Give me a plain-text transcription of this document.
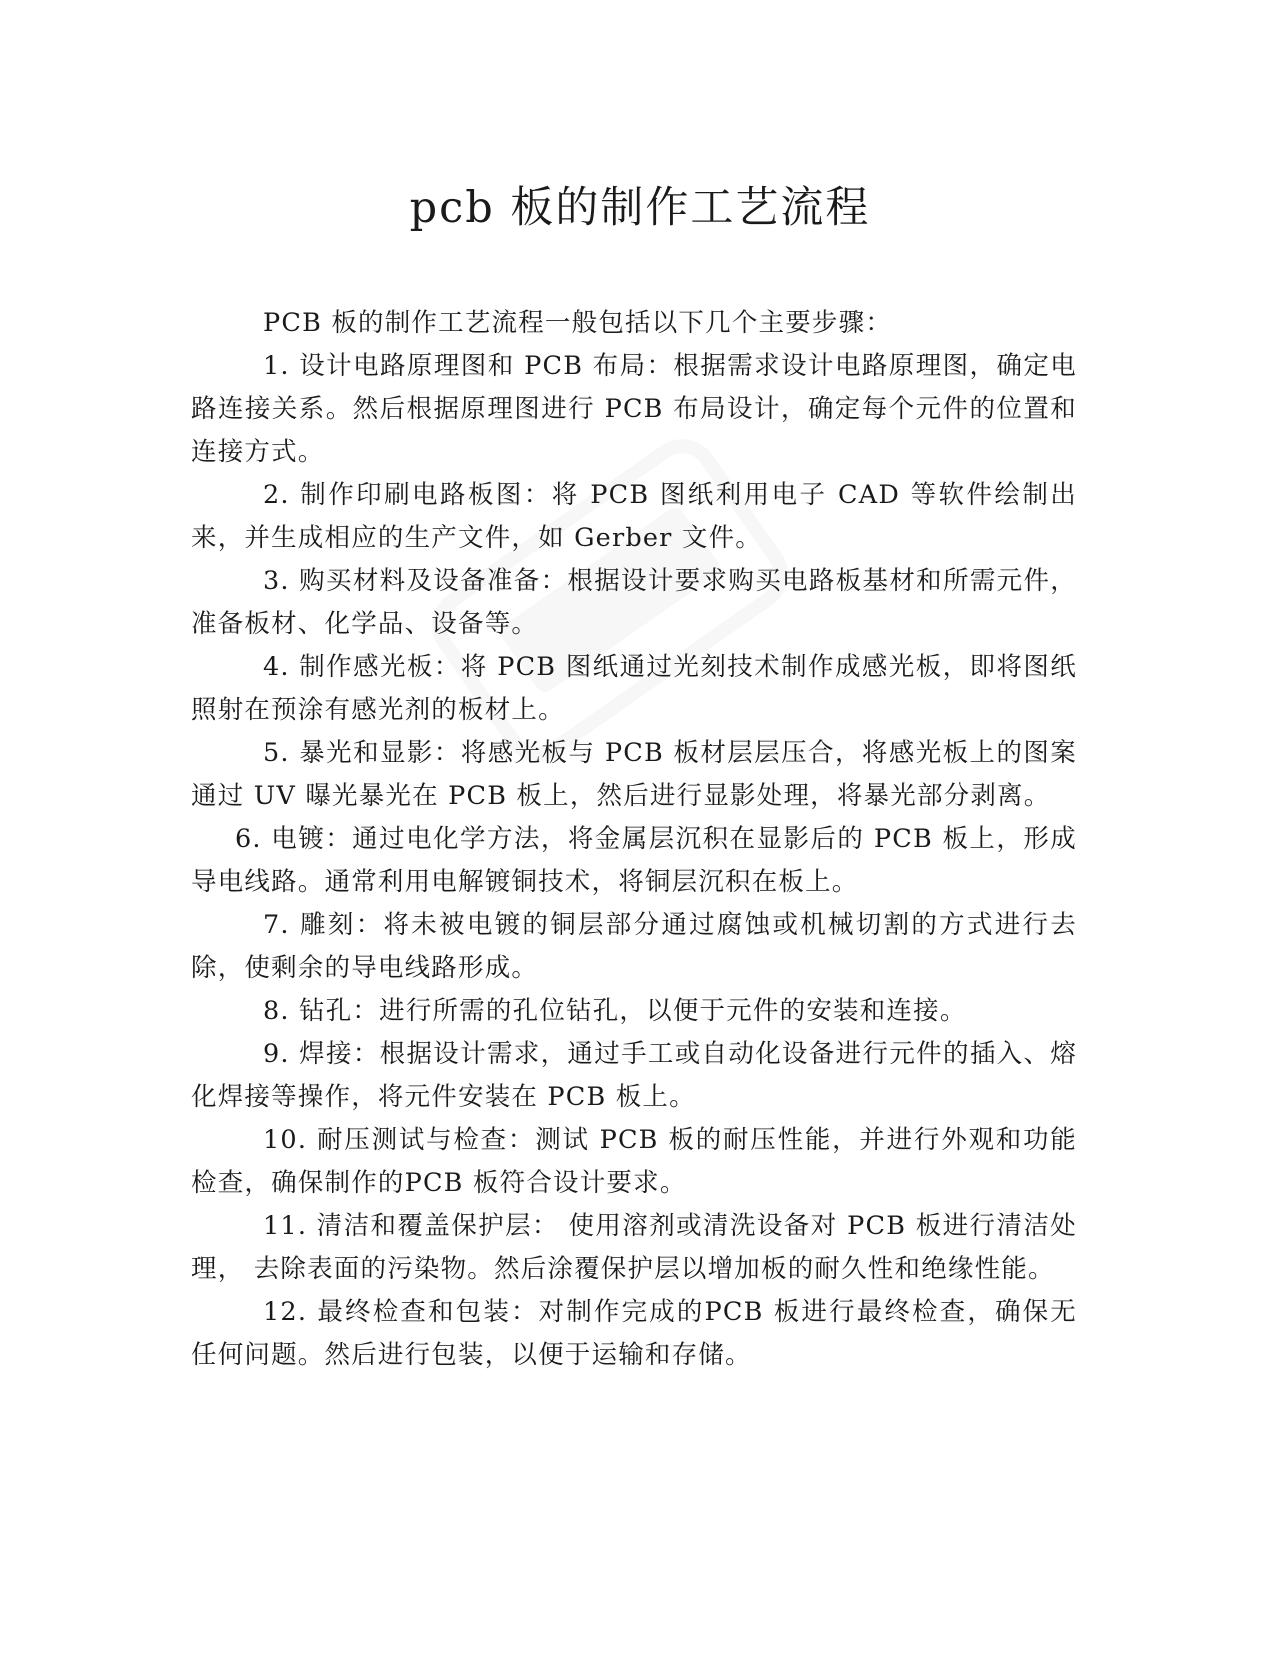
pcb 板的制作工艺流程

PCB 板的制作工艺流程一般包括以下几个主要步骤：

1. 设计电路原理图和 PCB 布局：根据需求设计电路原理图，确定电路连接关系。然后根据原理图进行 PCB 布局设计，确定每个元件的位置和连接方式。

2. 制作印刷电路板图：将 PCB 图纸利用电子 CAD 等软件绘制出来，并生成相应的生产文件，如 Gerber 文件。

3. 购买材料及设备准备：根据设计要求购买电路板基材和所需元件，准备板材、化学品、设备等。

4. 制作感光板：将 PCB 图纸通过光刻技术制作成感光板，即将图纸照射在预涂有感光剂的板材上。

5. 暴光和显影：将感光板与 PCB 板材层层压合，将感光板上的图案通过 UV 曝光暴光在 PCB 板上，然后进行显影处理，将暴光部分剥离。

6. 电镀：通过电化学方法，将金属层沉积在显影后的 PCB 板上，形成导电线路。通常利用电解镀铜技术，将铜层沉积在板上。

7. 雕刻：将未被电镀的铜层部分通过腐蚀或机械切割的方式进行去除，使剩余的导电线路形成。

8. 钻孔：进行所需的孔位钻孔，以便于元件的安装和连接。

9. 焊接：根据设计需求，通过手工或自动化设备进行元件的插入、熔化焊接等操作，将元件安装在 PCB 板上。

10. 耐压测试与检查：测试 PCB 板的耐压性能，并进行外观和功能检查，确保制作的PCB 板符合设计要求。

11. 清洁和覆盖保护层： 使用溶剂或清洗设备对 PCB 板进行清洁处理， 去除表面的污染物。然后涂覆保护层以增加板的耐久性和绝缘性能。

12. 最终检查和包装：对制作完成的PCB 板进行最终检查，确保无任何问题。然后进行包装，以便于运输和存储。
